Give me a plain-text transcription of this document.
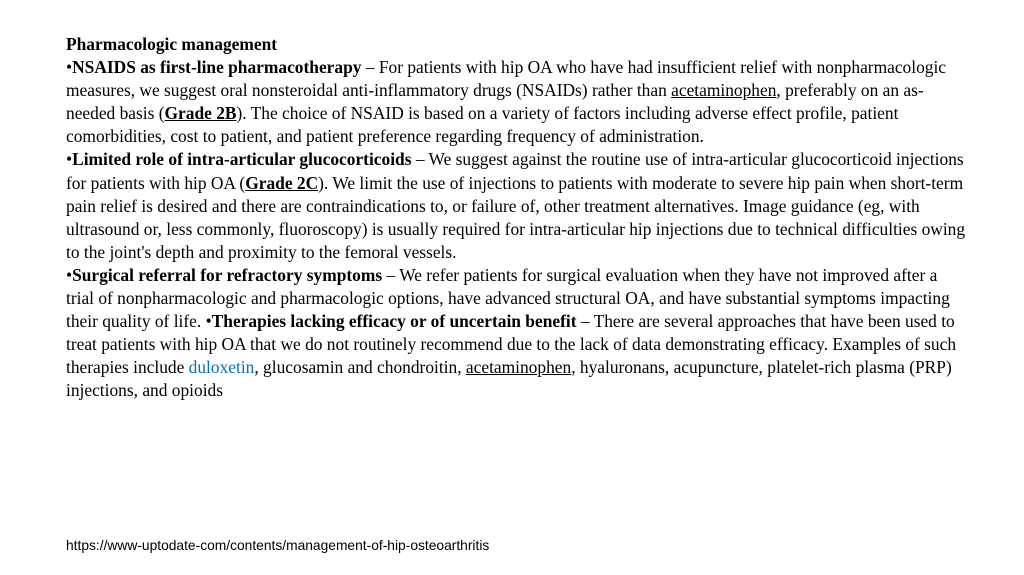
Pharmacologic management

•NSAIDS as first-line pharmacotherapy – For patients with hip OA who have had insufficient relief with nonpharmacologic measures, we suggest oral nonsteroidal anti-inflammatory drugs (NSAIDs) rather than acetaminophen, preferably on an as-needed basis (Grade 2B). The choice of NSAID is based on a variety of factors including adverse effect profile, patient comorbidities, cost to patient, and patient preference regarding frequency of administration.

•Limited role of intra-articular glucocorticoids – We suggest against the routine use of intra-articular glucocorticoid injections for patients with hip OA (Grade 2C). We limit the use of injections to patients with moderate to severe hip pain when short-term pain relief is desired and there are contraindications to, or failure of, other treatment alternatives. Image guidance (eg, with ultrasound or, less commonly, fluoroscopy) is usually required for intra-articular hip injections due to technical difficulties owing to the joint's depth and proximity to the femoral vessels.

•Surgical referral for refractory symptoms – We refer patients for surgical evaluation when they have not improved after a trial of nonpharmacologic and pharmacologic options, have advanced structural OA, and have substantial symptoms impacting their quality of life. •Therapies lacking efficacy or of uncertain benefit – There are several approaches that have been used to treat patients with hip OA that we do not routinely recommend due to the lack of data demonstrating efficacy. Examples of such therapies include duloxetin, glucosamin and chondroitin, acetaminophen, hyaluronans, acupuncture, platelet-rich plasma (PRP) injections, and opioids

https://www-uptodate-com/contents/management-of-hip-osteoarthritis
